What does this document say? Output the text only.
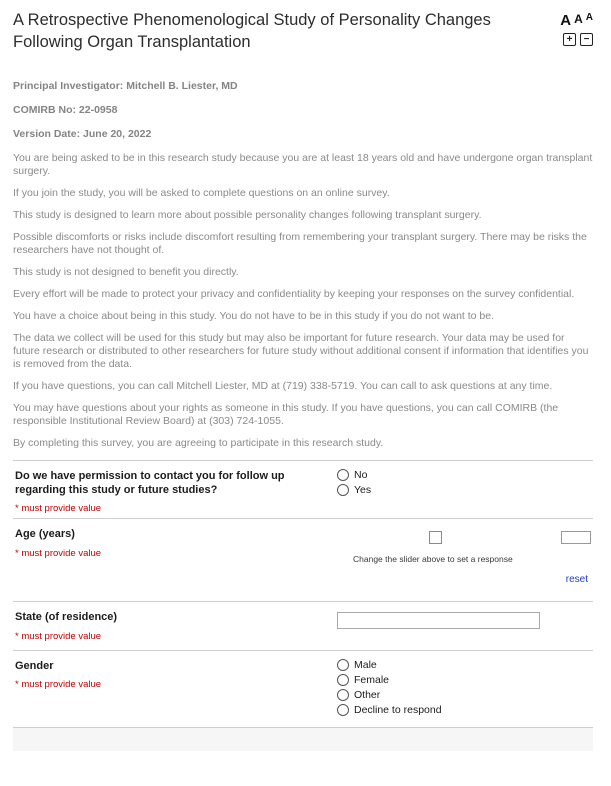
A Retrospective Phenomenological Study of Personality Changes Following Organ Transplantation
A A A
+	−
Principal Investigator: Mitchell B. Liester, MD
COMIRB No: 22-0958
Version Date: June 20, 2022

You are being asked to be in this research study because you are at least 18 years old and have undergone organ transplant surgery.

If you join the study, you will be asked to complete questions on an online survey.

This study is designed to learn more about possible personality changes following transplant surgery.

Possible discomforts or risks include discomfort resulting from remembering your transplant surgery. There may be risks the researchers have not thought of.

This study is not designed to benefit you directly.

Every effort will be made to protect your privacy and confidentiality by keeping your responses on the survey confidential.

You have a choice about being in this study. You do not have to be in this study if you do not want to be.

The data we collect will be used for this study but may also be important for future research. Your data may be used for future research or distributed to other researchers for future study without additional consent if information that identifies you is removed from the data.

If you have questions, you can call Mitchell Liester, MD at (719) 338-5719. You can call to ask questions at any time.

You may have questions about your rights as someone in this study. If you have questions, you can call COMIRB (the responsible Institutional Review Board) at (303) 724-1055.

By completing this survey, you are agreeing to participate in this research study.

Do we have permission to contact you for follow up regarding this study or future studies?
* must provide value
No
Yes
Age (years)
* must provide value
Change the slider above to set a response
reset
State (of residence)
* must provide value
Gender
* must provide value
Male
Female
Other
Decline to respond
